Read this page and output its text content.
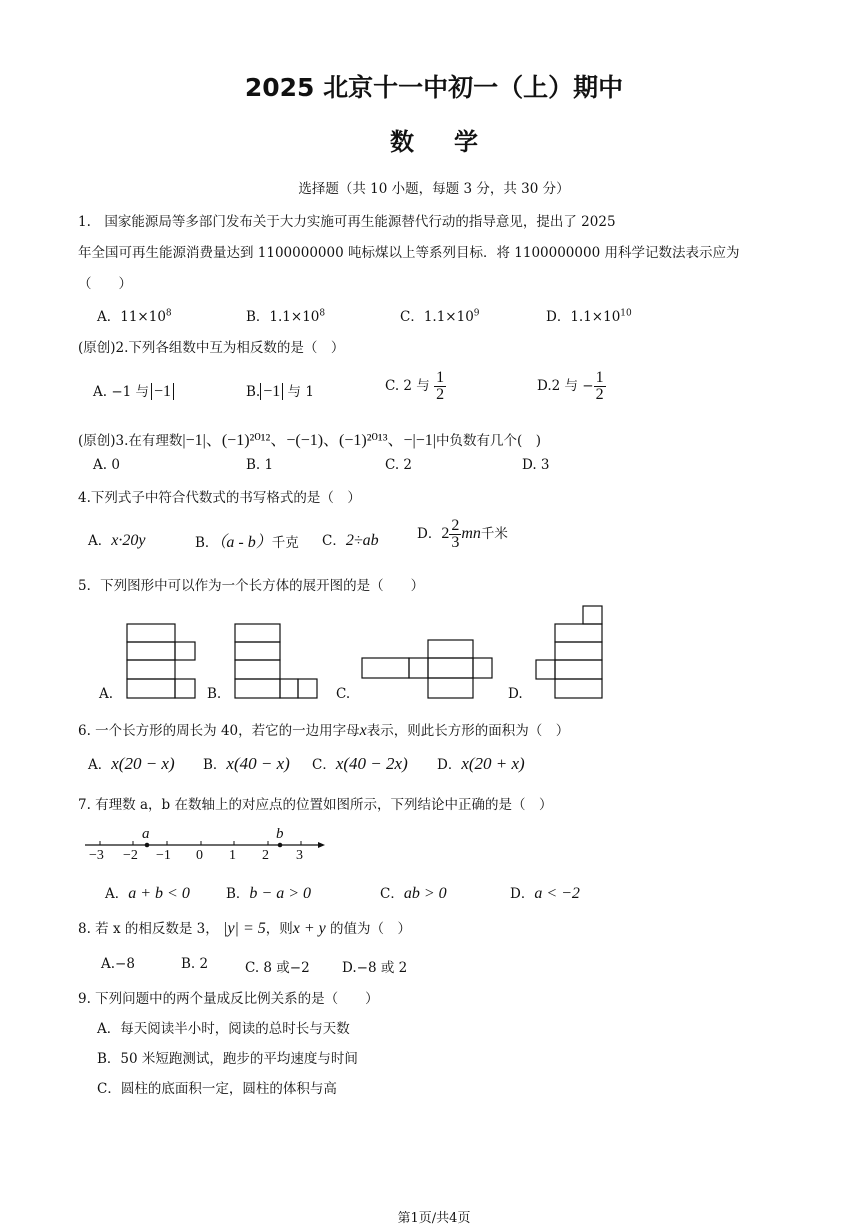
2025 北京十一中初一（上）期中
数学
选择题（共 10 小题，每题 3 分，共 30 分）
1.　国家能源局等多部门发布关于大力实施可再生能源替代行动的指导意见，提出了 2025
年全国可再生能源消费量达到 1100000000 吨标煤以上等系列目标．将 1100000000 用科学记数法表示应为
（　　）
A．$11\times 10^8$	B．$1.1\times 10^8$	C．$1.1\times 10^9$	D．$1.1\times 10^{10}$
(原创)2.下列各组数中互为相反数的是（　）
A. −1 与 −1	B. −1 与 1	C. 2 与 $\frac{1}{2}$	D.2 与 − $\frac{1}{2}$
(原创)3.在有理数|−1|、(−1)²⁰¹²、−(−1)、(−1)²⁰¹³、−|−1|中负数有几个(　)
A. 0	B. 1	C. 2	D. 3
4.下列式子中符合代数式的书写格式的是（　）
A．x·20y	B．（a - b）千克 C．2÷ab	D．$2 \frac{2}{3}$ mn千米
5．下列图形中可以作为一个长方体的展开图的是（　　）
A.	B.	C.	D.
6. 一个长方形的周长为 40，若它的一边用字母x表示，则此长方形的面积为（　）
A．x(20 − x) B．x(40 − x) C．x(40 − 2x) D．x(20 + x)
7. 有理数 a，b 在数轴上的对应点的位置如图所示，下列结论中正确的是（　）
a	b
−3 −2 −1 0 1 2 3
A．a + b < 0	B．b − a > 0	C．ab > 0	D．a < −2
8. 若 x 的相反数是 3， |y| = 5，则x + y 的值为（　）
A.−8	B. 2	C. 8 或−2 D.−8 或 2
9. 下列问题中的两个量成反比例关系的是（　　）
A．每天阅读半小时，阅读的总时长与天数
B．50 米短跑测试，跑步的平均速度与时间
C．圆柱的底面积一定，圆柱的体积与高
第1页/共4页
